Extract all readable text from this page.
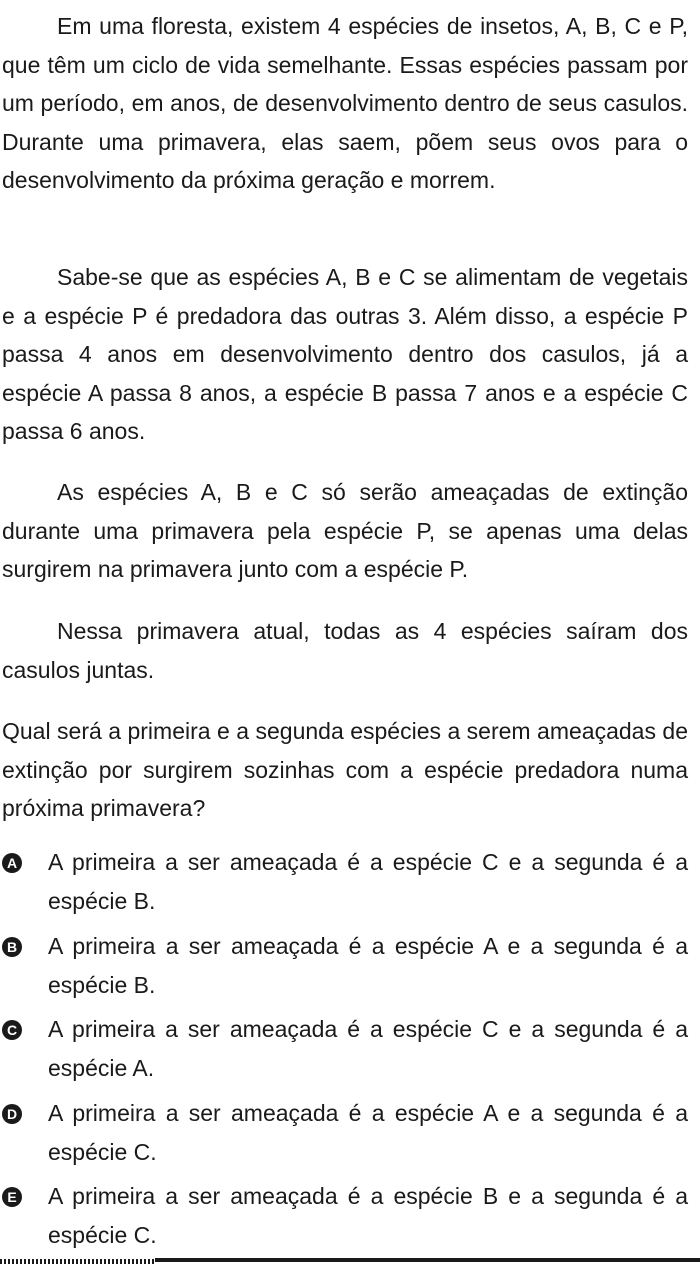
Em uma floresta, existem 4 espécies de insetos, A, B, C e P, que têm um ciclo de vida semelhante. Essas espécies passam por um período, em anos, de desenvolvimento dentro de seus casulos. Durante uma primavera, elas saem, põem seus ovos para o desenvolvimento da próxima geração e morrem.

Sabe-se que as espécies A, B e C se alimentam de vegetais e a espécie P é predadora das outras 3. Além disso, a espécie P passa 4 anos em desenvolvimento dentro dos casulos, já a espécie A passa 8 anos, a espécie B passa 7 anos e a espécie C passa 6 anos.

As espécies A, B e C só serão ameaçadas de extinção durante uma primavera pela espécie P, se apenas uma delas surgirem na primavera junto com a espécie P.

Nessa primavera atual, todas as 4 espécies saíram dos casulos juntas.

Qual será a primeira e a segunda espécies a serem ameaçadas de extinção por surgirem sozinhas com a espécie predadora numa próxima primavera?

A A primeira a ser ameaçada é a espécie C e a segunda é a espécie B.
B A primeira a ser ameaçada é a espécie A e a segunda é a espécie B.
C A primeira a ser ameaçada é a espécie C e a segunda é a espécie A.
D A primeira a ser ameaçada é a espécie A e a segunda é a espécie C.
E A primeira a ser ameaçada é a espécie B e a segunda é a espécie C.
